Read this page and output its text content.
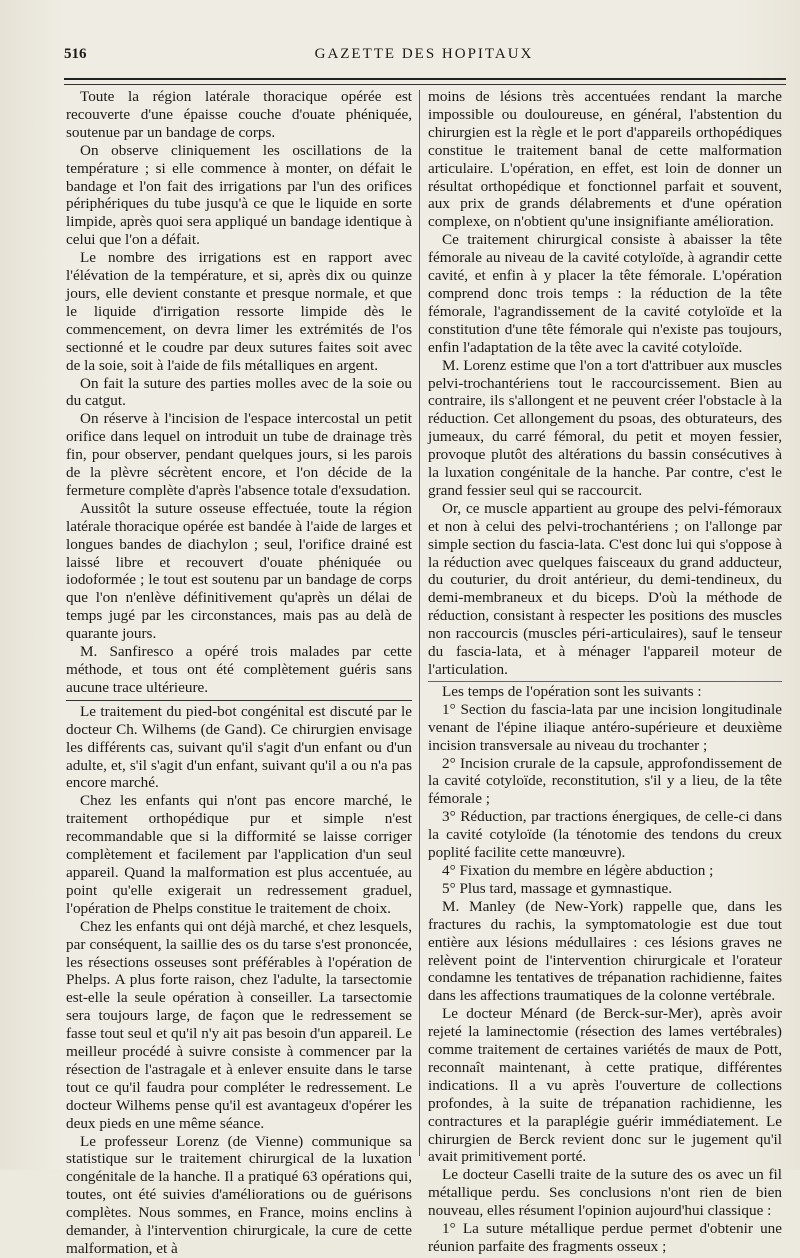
516	GAZETTE DES HOPITAUX

Toute la région latérale thoracique opérée est recouverte d'une épaisse couche d'ouate phéniquée, soutenue par un bandage de corps.

On observe cliniquement les oscillations de la température ; si elle commence à monter, on défait le bandage et l'on fait des irrigations par l'un des orifices périphériques du tube jusqu'à ce que le liquide en sorte limpide, après quoi sera appliqué un bandage identique à celui que l'on a défait.

Le nombre des irrigations est en rapport avec l'élévation de la température, et si, après dix ou quinze jours, elle devient constante et presque normale, et que le liquide d'irrigation ressorte limpide dès le commencement, on devra limer les extrémités de l'os sectionné et le coudre par deux sutures faites soit avec de la soie, soit à l'aide de fils métalliques en argent.

On fait la suture des parties molles avec de la soie ou du catgut.

On réserve à l'incision de l'espace intercostal un petit orifice dans lequel on introduit un tube de drainage très fin, pour observer, pendant quelques jours, si les parois de la plèvre sécrètent encore, et l'on décide de la fermeture complète d'après l'absence totale d'exsudation.

Aussitôt la suture osseuse effectuée, toute la région latérale thoracique opérée est bandée à l'aide de larges et longues bandes de diachylon ; seul, l'orifice drainé est laissé libre et recouvert d'ouate phéniquée ou iodoformée ; le tout est soutenu par un bandage de corps que l'on n'enlève définitivement qu'après un délai de temps jugé par les circonstances, mais pas au delà de quarante jours.

M. Sanfiresco a opéré trois malades par cette méthode, et tous ont été complètement guéris sans aucune trace ultérieure.

Le traitement du pied-bot congénital est discuté par le docteur Ch. Wilhems (de Gand). Ce chirurgien envisage les différents cas, suivant qu'il s'agit d'un enfant ou d'un adulte, et, s'il s'agit d'un enfant, suivant qu'il a ou n'a pas encore marché.

Chez les enfants qui n'ont pas encore marché, le traitement orthopédique pur et simple n'est recommandable que si la difformité se laisse corriger complètement et facilement par l'application d'un seul appareil. Quand la malformation est plus accentuée, au point qu'elle exigerait un redressement graduel, l'opération de Phelps constitue le traitement de choix.

Chez les enfants qui ont déjà marché, et chez lesquels, par conséquent, la saillie des os du tarse s'est prononcée, les résections osseuses sont préférables à l'opération de Phelps. A plus forte raison, chez l'adulte, la tarsectomie est-elle la seule opération à conseiller. La tarsectomie sera toujours large, de façon que le redressement se fasse tout seul et qu'il n'y ait pas besoin d'un appareil. Le meilleur procédé à suivre consiste à commencer par la résection de l'astragale et à enlever ensuite dans le tarse tout ce qu'il faudra pour compléter le redressement. Le docteur Wilhems pense qu'il est avantageux d'opérer les deux pieds en une même séance.

Le professeur Lorenz (de Vienne) communique sa statistique sur le traitement chirurgical de la luxation congénitale de la hanche. Il a pratiqué 63 opérations qui, toutes, ont été suivies d'améliorations ou de guérisons complètes. Nous sommes, en France, moins enclins à demander, à l'intervention chirurgicale, la cure de cette malformation, et à

moins de lésions très accentuées rendant la marche impossible ou douloureuse, en général, l'abstention du chirurgien est la règle et le port d'appareils orthopédiques constitue le traitement banal de cette malformation articulaire. L'opération, en effet, est loin de donner un résultat orthopédique et fonctionnel parfait et souvent, aux prix de grands délabrements et d'une opération complexe, on n'obtient qu'une insignifiante amélioration.

Ce traitement chirurgical consiste à abaisser la tête fémorale au niveau de la cavité cotyloïde, à agrandir cette cavité, et enfin à y placer la tête fémorale. L'opération comprend donc trois temps : la réduction de la tête fémorale, l'agrandissement de la cavité cotyloïde et la constitution d'une tête fémorale qui n'existe pas toujours, enfin l'adaptation de la tête avec la cavité cotyloïde.

M. Lorenz estime que l'on a tort d'attribuer aux muscles pelvi-trochantériens tout le raccourcissement. Bien au contraire, ils s'allongent et ne peuvent créer l'obstacle à la réduction. Cet allongement du psoas, des obturateurs, des jumeaux, du carré fémoral, du petit et moyen fessier, provoque plutôt des altérations du bassin consécutives à la luxation congénitale de la hanche. Par contre, c'est le grand fessier seul qui se raccourcit.

Or, ce muscle appartient au groupe des pelvi-fémoraux et non à celui des pelvi-trochantériens ; on l'allonge par simple section du fascia-lata. C'est donc lui qui s'oppose à la réduction avec quelques faisceaux du grand adducteur, du couturier, du droit antérieur, du demi-tendineux, du demi-membraneux et du biceps. D'où la méthode de réduction, consistant à respecter les positions des muscles non raccourcis (muscles péri-articulaires), sauf le tenseur du fascia-lata, et à ménager l'appareil moteur de l'articulation.

Les temps de l'opération sont les suivants :

1° Section du fascia-lata par une incision longitudinale venant de l'épine iliaque antéro-supérieure et deuxième incision transversale au niveau du trochanter ;

2° Incision crurale de la capsule, approfondissement de la cavité cotyloïde, reconstitution, s'il y a lieu, de la tête fémorale ;

3° Réduction, par tractions énergiques, de celle-ci dans la cavité cotyloïde (la ténotomie des tendons du creux poplité facilite cette manœuvre).

4° Fixation du membre en légère abduction ;

5° Plus tard, massage et gymnastique.

M. Manley (de New-York) rappelle que, dans les fractures du rachis, la symptomatologie est due tout entière aux lésions médullaires : ces lésions graves ne relèvent point de l'intervention chirurgicale et l'orateur condamne les tentatives de trépanation rachidienne, faites dans les affections traumatiques de la colonne vertébrale.

Le docteur Ménard (de Berck-sur-Mer), après avoir rejeté la laminectomie (résection des lames vertébrales) comme traitement de certaines variétés de maux de Pott, reconnaît maintenant, à cette pratique, différentes indications. Il a vu après l'ouverture de collections profondes, à la suite de trépanation rachidienne, les contractures et la paraplégie guérir immédiatement. Le chirurgien de Berck revient donc sur le jugement qu'il avait primitivement porté.

Le docteur Caselli traite de la suture des os avec un fil métallique perdu. Ses conclusions n'ont rien de bien nouveau, elles résument l'opinion aujourd'hui classique :

1° La suture métallique perdue permet d'obtenir une réunion parfaite des fragments osseux ;
